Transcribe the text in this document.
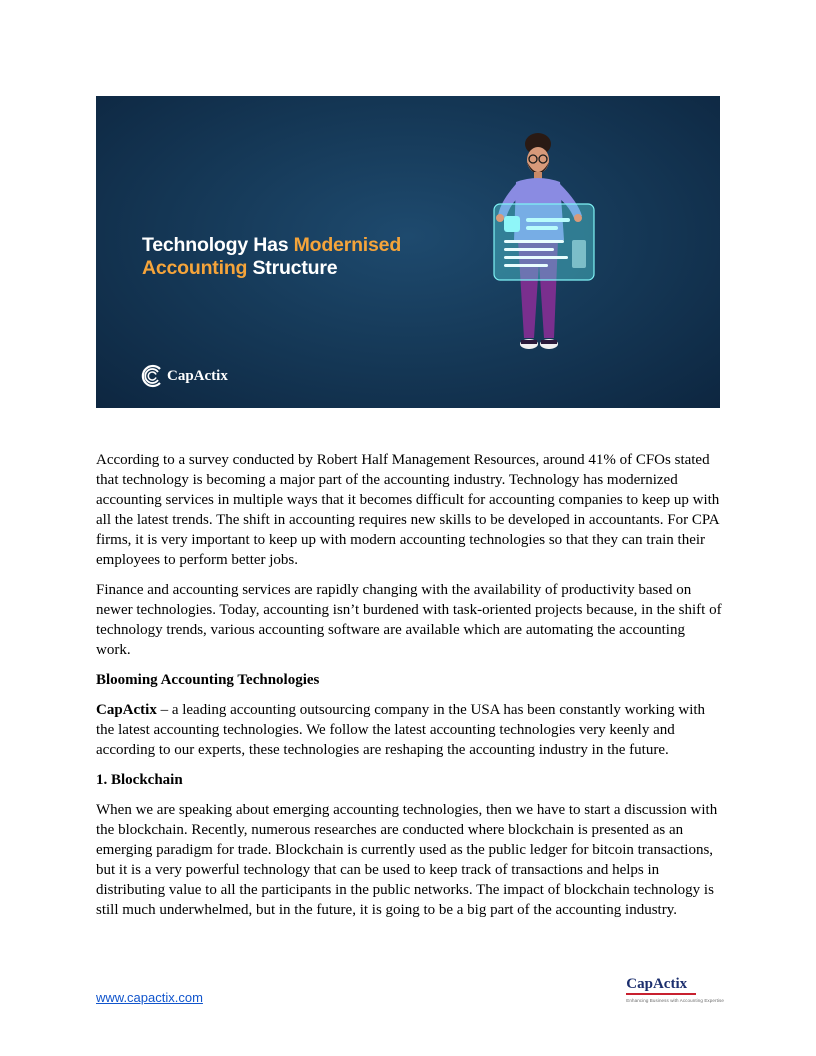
Technology Has Modernised
Accounting Structure
CapActix

According to a survey conducted by Robert Half Management Resources, around 41% of CFOs stated that technology is becoming a major part of the accounting industry. Technology has modernized accounting services in multiple ways that it becomes difficult for accounting companies to keep up with all the latest trends. The shift in accounting requires new skills to be developed in accountants. For CPA firms, it is very important to keep up with modern accounting technologies so that they can train their employees to perform better jobs.

Finance and accounting services are rapidly changing with the availability of productivity based on newer technologies. Today, accounting isn’t burdened with task-oriented projects because, in the shift of technology trends, various accounting software are available which are automating the accounting work.

Blooming Accounting Technologies

CapActix – a leading accounting outsourcing company in the USA has been constantly working with the latest accounting technologies. We follow the latest accounting technologies very keenly and according to our experts, these technologies are reshaping the accounting industry in the future.

1. Blockchain

When we are speaking about emerging accounting technologies, then we have to start a discussion with the blockchain. Recently, numerous researches are conducted where blockchain is presented as an emerging paradigm for trade. Blockchain is currently used as the public ledger for bitcoin transactions, but it is a very powerful technology that can be used to keep track of transactions and helps in distributing value to all the participants in the public networks. The impact of blockchain technology is still much underwhelmed, but in the future, it is going to be a big part of the accounting industry.

www.capactix.com
CapActix
Enhancing Business with Accounting Expertise
